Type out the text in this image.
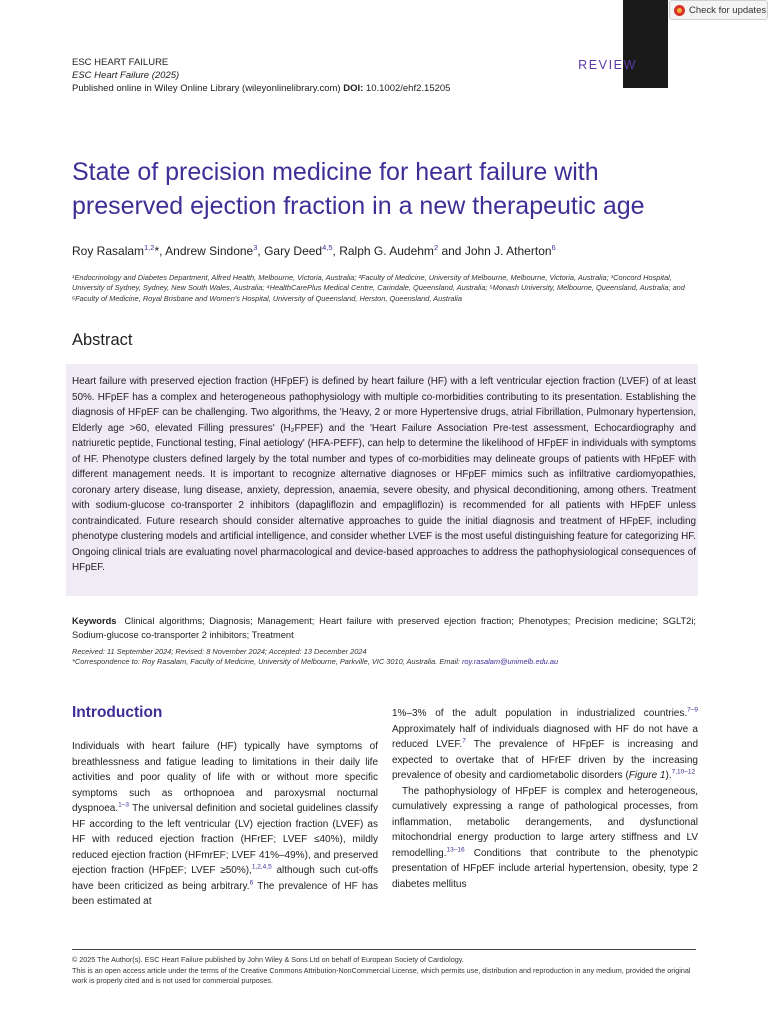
Check for updates
ESC HEART FAILURE
ESC Heart Failure (2025)
Published online in Wiley Online Library (wileyonlinelibrary.com) DOI: 10.1002/ehf2.15205
REVIEW
State of precision medicine for heart failure with preserved ejection fraction in a new therapeutic age
Roy Rasalam$^{1,2}$*, Andrew Sindone$^3$, Gary Deed$^{4,5}$, Ralph G. Audehm$^2$ and John J. Atherton$^6$
¹Endocrinology and Diabetes Department, Alfred Health, Melbourne, Victoria, Australia; ²Faculty of Medicine, University of Melbourne, Melbourne, Victoria, Australia; ³Concord Hospital, University of Sydney, Sydney, New South Wales, Australia; ⁴HealthCarePlus Medical Centre, Carindale, Queensland, Australia; ⁵Monash University, Melbourne, Queensland, Australia; and ⁶Faculty of Medicine, Royal Brisbane and Women's Hospital, University of Queensland, Herston, Queensland, Australia
Abstract
Heart failure with preserved ejection fraction (HFpEF) is defined by heart failure (HF) with a left ventricular ejection fraction (LVEF) of at least 50%. HFpEF has a complex and heterogeneous pathophysiology with multiple co-morbidities contributing to its presentation. Establishing the diagnosis of HFpEF can be challenging. Two algorithms, the 'Heavy, 2 or more Hypertensive drugs, atrial Fibrillation, Pulmonary hypertension, Elderly age >60, elevated Filling pressures' (H₂FPEF) and the 'Heart Failure Association Pre-test assessment, Echocardiography and natriuretic peptide, Functional testing, Final aetiology' (HFA-PEFF), can help to determine the likelihood of HFpEF in individuals with symptoms of HF. Phenotype clusters defined largely by the total number and types of co-morbidities may delineate groups of patients with HFpEF with different management needs. It is important to recognize alternative diagnoses or HFpEF mimics such as infiltrative cardiomyopathies, coronary artery disease, lung disease, anxiety, depression, anaemia, severe obesity, and physical deconditioning, among others. Treatment with sodium-glucose co-transporter 2 inhibitors (dapagliflozin and empagliflozin) is recommended for all patients with HFpEF unless contraindicated. Future research should consider alternative approaches to guide the initial diagnosis and treatment of HFpEF, including phenotype clustering models and artificial intelligence, and consider whether LVEF is the most useful distinguishing feature for categorizing HF. Ongoing clinical trials are evaluating novel pharmacological and device-based approaches to address the pathophysiological consequences of HFpEF.
Keywords Clinical algorithms; Diagnosis; Management; Heart failure with preserved ejection fraction; Phenotypes; Precision medicine; SGLT2i; Sodium-glucose co-transporter 2 inhibitors; Treatment
Received: 11 September 2024; Revised: 8 November 2024; Accepted: 13 December 2024
*Correspondence to: Roy Rasalam, Faculty of Medicine, University of Melbourne, Parkville, VIC 3010, Australia. Email: roy.rasalam@unimelb.edu.au
Introduction
Individuals with heart failure (HF) typically have symptoms of breathlessness and fatigue leading to limitations in their daily life activities and poor quality of life with or without more specific symptoms such as orthopnoea and paroxysmal nocturnal dyspnoea.$^{1-3}$ The universal definition and societal guidelines classify HF according to the left ventricular (LV) ejection fraction (LVEF) as HF with reduced ejection fraction (HFrEF; LVEF ≤40%), mildly reduced ejection fraction (HFmrEF; LVEF 41%–49%), and preserved ejection fraction (HFpEF; LVEF ≥50%),$^{1,2,4,5}$ although such cut-offs have been criticized as being arbitrary.$^6$ The prevalence of HF has been estimated at

1%–3% of the adult population in industrialized countries.$^{7-9}$ Approximately half of individuals diagnosed with HF do not have a reduced LVEF.$^7$ The prevalence of HFpEF is increasing and expected to overtake that of HFrEF driven by the increasing prevalence of obesity and cardiometabolic disorders (Figure 1).$^{7,10-12}$

The pathophysiology of HFpEF is complex and heterogeneous, cumulatively expressing a range of pathological processes, from inflammation, metabolic derangements, and dysfunctional mitochondrial energy production to large artery stiffness and LV remodelling.$^{13-16}$ Conditions that contribute to the phenotypic presentation of HFpEF include arterial hypertension, obesity, type 2 diabetes mellitus

© 2025 The Author(s). ESC Heart Failure published by John Wiley & Sons Ltd on behalf of European Society of Cardiology.
This is an open access article under the terms of the Creative Commons Attribution-NonCommercial License, which permits use, distribution and reproduction in any medium, provided the original work is properly cited and is not used for commercial purposes.
